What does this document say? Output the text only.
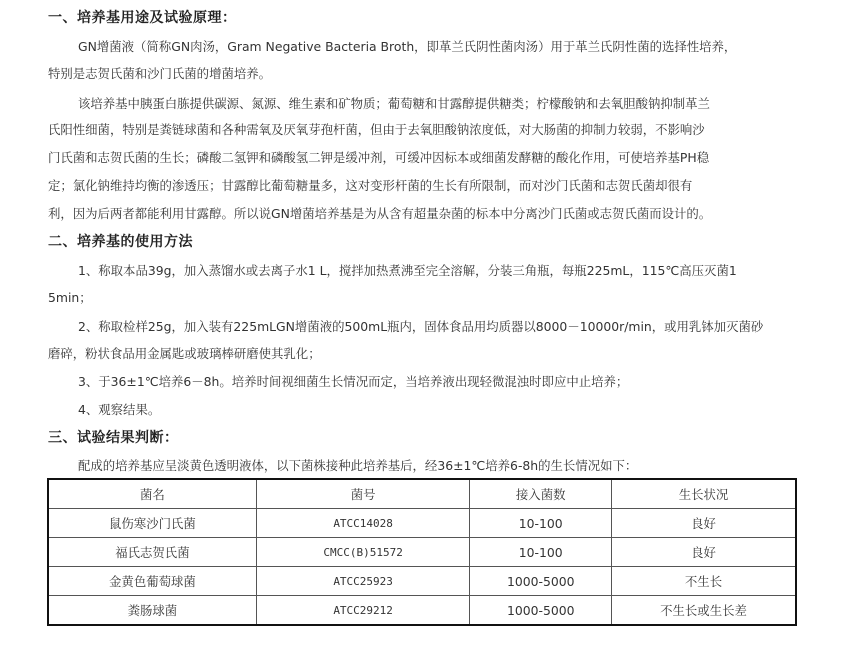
一、培养基用途及试验原理：
GN增菌液（简称GN肉汤，Gram Negative Bacteria Broth，即革兰氏阴性菌肉汤）用于革兰氏阴性菌的选择性培养，
特别是志贺氏菌和沙门氏菌的增菌培养。
该培养基中胰蛋白胨提供碳源、氮源、维生素和矿物质；葡萄糖和甘露醇提供糖类；柠檬酸钠和去氧胆酸钠抑制革兰
氏阳性细菌，特别是粪链球菌和各种需氧及厌氧芽孢杆菌，但由于去氧胆酸钠浓度低，对大肠菌的抑制力较弱，不影响沙
门氏菌和志贺氏菌的生长；磷酸二氢钾和磷酸氢二钾是缓冲剂，可缓冲因标本或细菌发酵糖的酸化作用，可使培养基PH稳
定；氯化钠维持均衡的渗透压；甘露醇比葡萄糖量多，这对变形杆菌的生长有所限制，而对沙门氏菌和志贺氏菌却很有
利，因为后两者都能利用甘露醇。所以说GN增菌培养基是为从含有超量杂菌的标本中分离沙门氏菌或志贺氏菌而设计的。
二、培养基的使用方法
1、称取本品39g，加入蒸馏水或去离子水1 L，搅拌加热煮沸至完全溶解，分装三角瓶，每瓶225mL，115℃高压灭菌1
5min；
2、称取检样25g，加入装有225mLGN增菌液的500mL瓶内，固体食品用均质器以8000－10000r/min，或用乳钵加灭菌砂
磨碎，粉状食品用金属匙或玻璃棒研磨使其乳化；
3、于36±1℃培养6－8h。培养时间视细菌生长情况而定，当培养液出现轻微混浊时即应中止培养；
4、观察结果。
三、试验结果判断：
配成的培养基应呈淡黄色透明液体，以下菌株接种此培养基后，经36±1℃培养6-8h的生长情况如下：
菌名	菌号	接入菌数	生长状况
鼠伤寒沙门氏菌	ATCC14028	10-100	良好
福氏志贺氏菌	CMCC(B)51572	10-100	良好
金黄色葡萄球菌	ATCC25923	1000-5000	不生长
粪肠球菌	ATCC29212	1000-5000	不生长或生长差
